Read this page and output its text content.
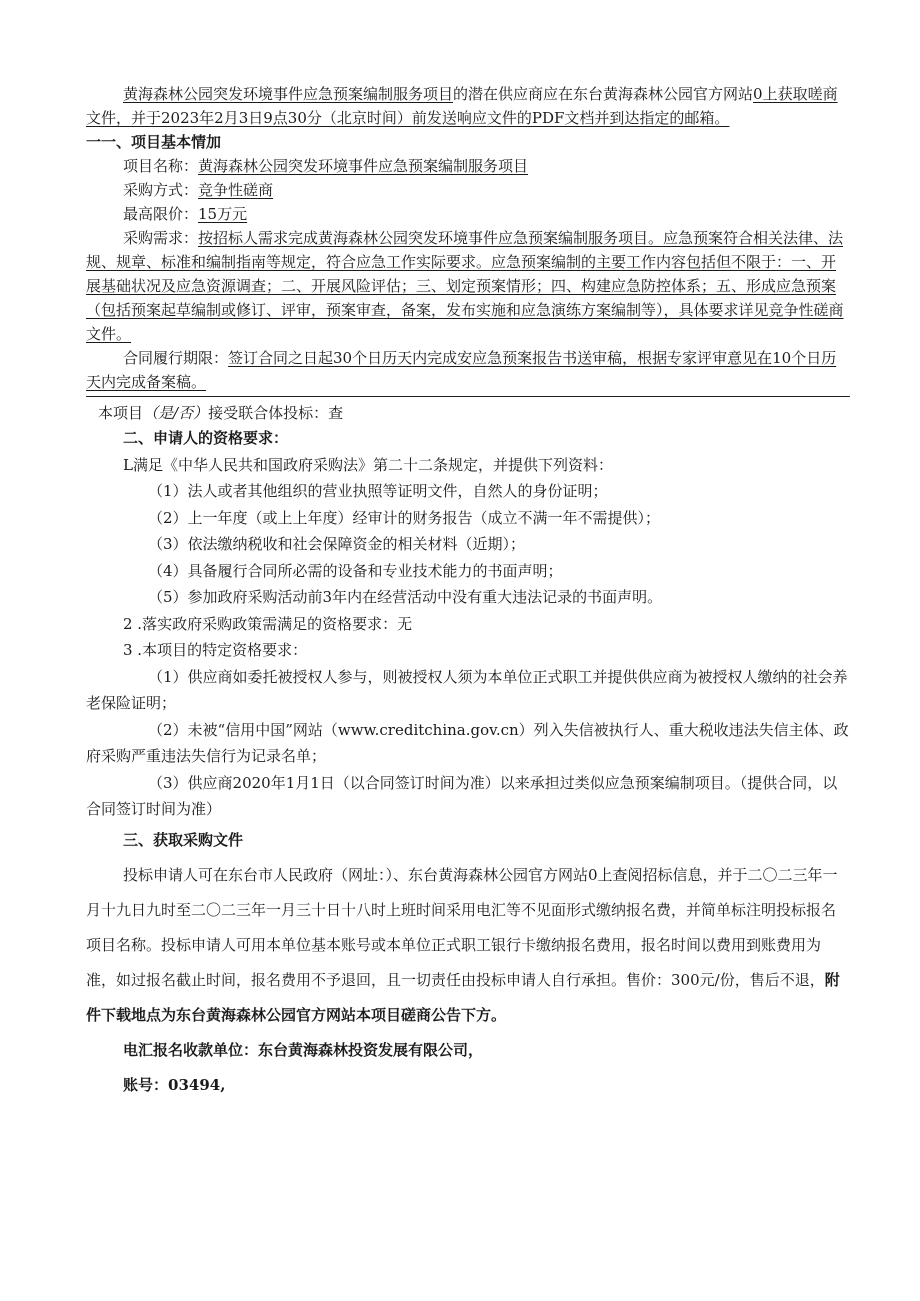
黄海森林公园突发环境事件应急预案编制服务项目的潜在供应商应在东台黄海森林公园官方网站0上获取嗟商文件，并于2023年2月3日9点30分（北京时间）前发送响应文件的PDF文档并到达指定的邮箱。

一一、项目基本情加

项目名称：黄海森林公园突发环境事件应急预案编制服务项目

采购方式：竞争性磋商

最高限价：15万元

采购需求：按招标人需求完成黄海森林公园突发环境事件应急预案编制服务项目。应急预案符合相关法律、法规、规章、标准和编制指南等规定，符合应急工作实际要求。应急预案编制的主要工作内容包括但不限于：一、开展基础状况及应急资源调查；二、开展风险评估；三、划定预案情形；四、构建应急防控体系；五、形成应急预案（包括预案起草编制或修订、评审，预案审查，备案，发布实施和应急演练方案编制等），具体要求详见竞争性磋商文件。

合同履行期限：签订合同之日起30个日历天内完成安应急预案报告书送审稿，根据专家评审意见在10个日历天内完成备案稿。

本项目（是/否）接受联合体投标：查

二、申请人的资格要求：

L满足《中华人民共和国政府采购法》第二十二条规定，并提供下列资料：

（1）法人或者其他组织的营业执照等证明文件，自然人的身份证明；

（2）上一年度（或上上年度）经审计的财务报告（成立不满一年不需提供）；

（3）依法缴纳税收和社会保障资金的相关材料（近期）；

（4）具备履行合同所必需的设备和专业技术能力的书面声明；

（5）参加政府采购活动前3年内在经营活动中没有重大违法记录的书面声明。

2 .落实政府采购政策需满足的资格要求：无

3 .本项目的特定资格要求：

（1）供应商如委托被授权人参与，则被授权人须为本单位正式职工并提供供应商为被授权人缴纳的社会养老保险证明；

（2）未被“信用中国”网站（www.creditchina.gov.cn）列入失信被执行人、重大税收违法失信主体、政府采购严重违法失信行为记录名单；

（3）供应商2020年1月1日（以合同签订时间为准）以来承担过类似应急预案编制项目。（提供合同，以合同签订时间为准）

三、获取采购文件

投标申请人可在东台市人民政府（网址：）、东台黄海森林公园官方网站0上查阅招标信息，并于二〇二三年一月十九日九时至二〇二三年一月三十日十八时上班时间采用电汇等不见面形式缴纳报名费，并简单标注明投标报名项目名称。投标申请人可用本单位基本账号或本单位正式职工银行卡缴纳报名费用，报名时间以费用到账费用为准，如过报名截止时间，报名费用不予退回，且一切责任由投标申请人自行承担。售价：300元/份，售后不退，附件下载地点为东台黄海森林公园官方网站本项目磋商公告下方。

电汇报名收款单位：东台黄海森林投资发展有限公司，

账号：03494,
